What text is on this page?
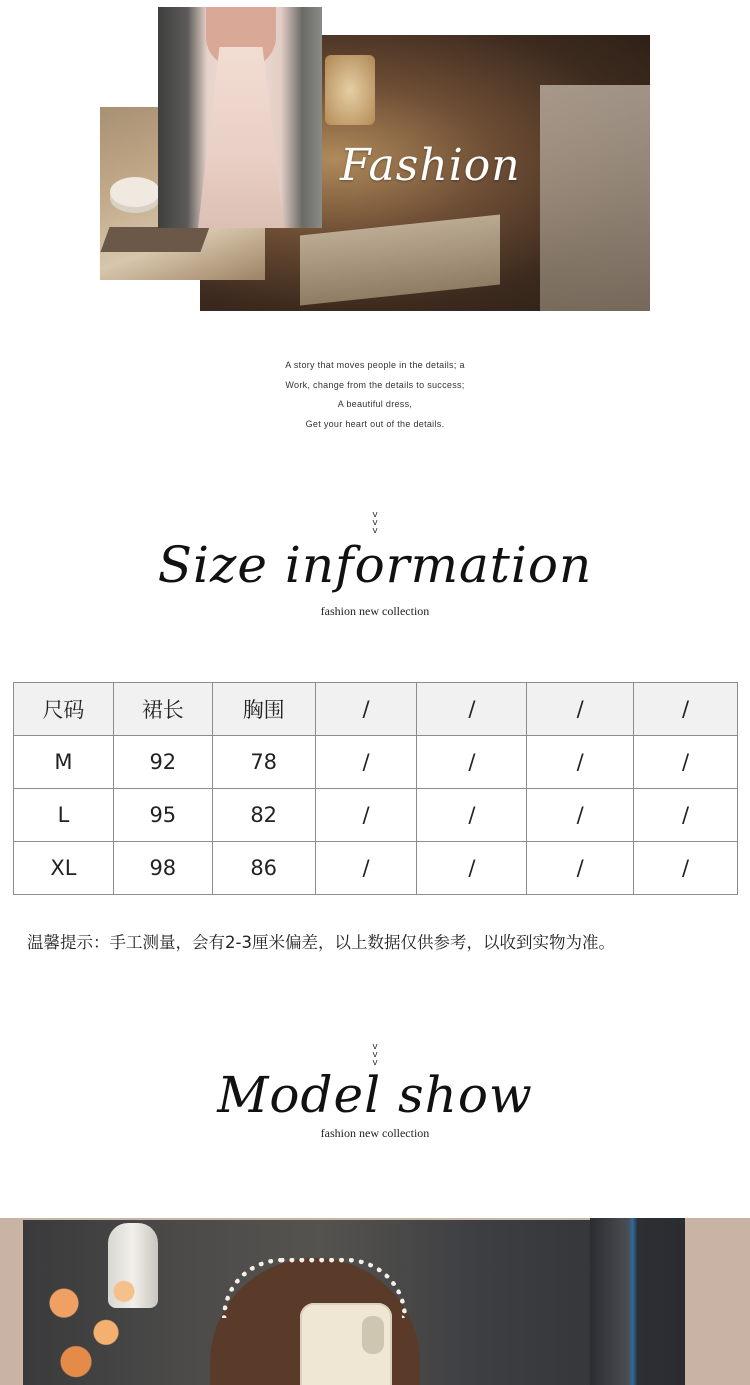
Fashion
A story that moves people in the details; a
Work, change from the details to success;
A beautiful dress,
Get your heart out of the details.
v
v
v
Size information
fashion new collection
尺码	裙长	胸围	/	/	/	/
M	92	78	/	/	/	/
L	95	82	/	/	/	/
XL	98	86	/	/	/	/
温馨提示：手工测量，会有2-3厘米偏差，以上数据仅供参考，以收到实物为准。
v
v
v
Model show
fashion new collection
